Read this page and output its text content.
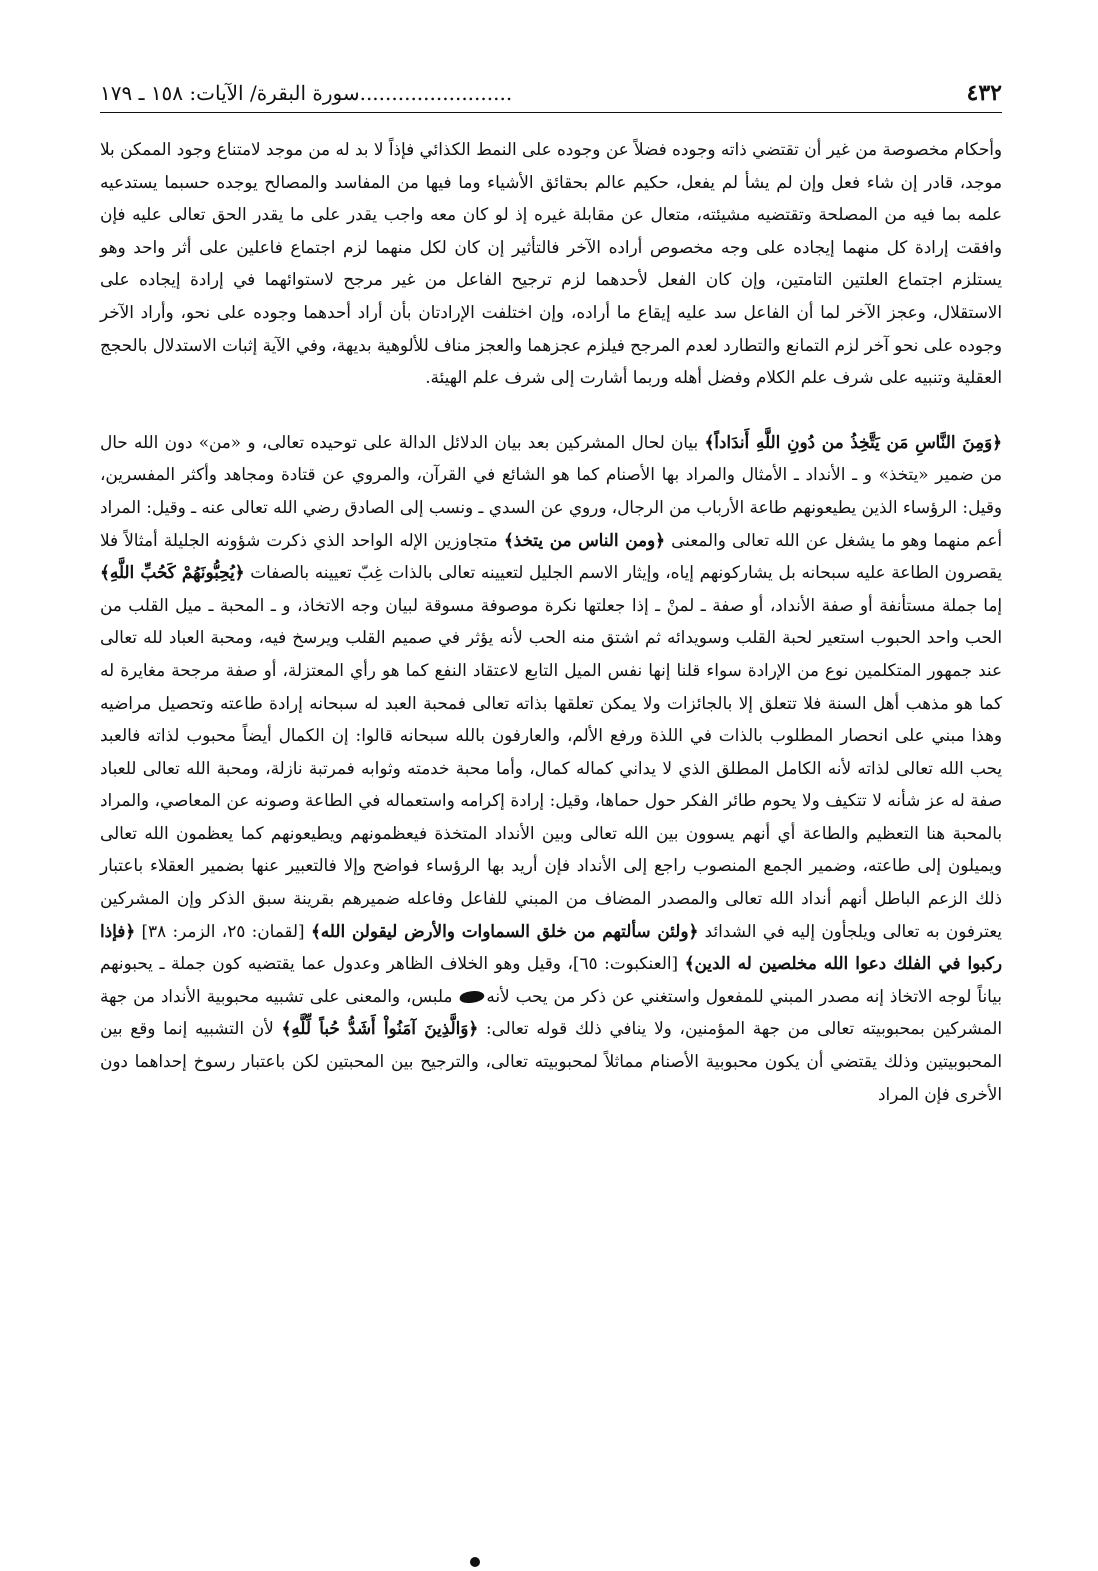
٤٣٢
........................سورة البقرة/ الآيات: ١٥٨ ـ ١٧٩

وأحكام مخصوصة من غير أن تقتضي ذاته وجوده فضلاً عن وجوده على النمط الكذائي فإذاً لا بد له من موجد لامتناع وجود الممكن بلا موجد، قادر إن شاء فعل وإن لم يشأ لم يفعل، حكيم عالم بحقائق الأشياء وما فيها من المفاسد والمصالح يوجده حسبما يستدعيه علمه بما فيه من المصلحة وتقتضيه مشيئته، متعال عن مقابلة غيره إذ لو كان معه واجب يقدر على ما يقدر الحق تعالى عليه فإن وافقت إرادة كل منهما إيجاده على وجه مخصوص أراده الآخر فالتأثير إن كان لكل منهما لزم اجتماع فاعلين على أثر واحد وهو يستلزم اجتماع العلتين التامتين، وإن كان الفعل لأحدهما لزم ترجيح الفاعل من غير مرجح لاستوائهما في إرادة إيجاده على الاستقلال، وعجز الآخر لما أن الفاعل سد عليه إيقاع ما أراده، وإن اختلفت الإرادتان بأن أراد أحدهما وجوده على نحو، وأراد الآخر وجوده على نحو آخر لزم التمانع والتطارد لعدم المرجح فيلزم عجزهما والعجز مناف للألوهية بديهة، وفي الآية إثبات الاستدلال بالحجج العقلية وتنبيه على شرف علم الكلام وفضل أهله وربما أشارت إلى شرف علم الهيئة.

﴿وَمِنَ النَّاسِ مَن يَتَّخِذُ من دُونِ اللَّهِ أَندَاداً﴾ بيان لحال المشركين بعد بيان الدلائل الدالة على توحيده تعالى، و «من» دون الله حال من ضمير «يتخذ» و ـ الأنداد ـ الأمثال والمراد بها الأصنام كما هو الشائع في القرآن، والمروي عن قتادة ومجاهد وأكثر المفسرين، وقيل: الرؤساء الذين يطيعونهم طاعة الأرباب من الرجال، وروي عن السدي ـ ونسب إلى الصادق رضي الله تعالى عنه ـ وقيل: المراد أعم منهما وهو ما يشغل عن الله تعالى والمعنى ﴿ومن الناس من يتخذ﴾ متجاوزين الإله الواحد الذي ذكرت شؤونه الجليلة أمثالاً فلا يقصرون الطاعة عليه سبحانه بل يشاركونهم إياه، وإيثار الاسم الجليل لتعيينه تعالى بالذات غِبّ تعيينه بالصفات ﴿يُحِبُّونَهُمْ كَحُبِّ اللَّهِ﴾ إما جملة مستأنفة أو صفة الأنداد، أو صفة ـ لمنْ ـ إذا جعلتها نكرة موصوفة مسوقة لبيان وجه الاتخاذ، و ـ المحبة ـ ميل القلب من الحب واحد الحبوب استعير لحبة القلب وسويدائه ثم اشتق منه الحب لأنه يؤثر في صميم القلب ويرسخ فيه، ومحبة العباد لله تعالى عند جمهور المتكلمين نوع من الإرادة سواء قلنا إنها نفس الميل التابع لاعتقاد النفع كما هو رأي المعتزلة، أو صفة مرجحة مغايرة له كما هو مذهب أهل السنة فلا تتعلق إلا بالجائزات ولا يمكن تعلقها بذاته تعالى فمحبة العبد له سبحانه إرادة طاعته وتحصيل مراضيه وهذا مبني على انحصار المطلوب بالذات في اللذة ورفع الألم، والعارفون بالله سبحانه قالوا: إن الكمال أيضاً محبوب لذاته فالعبد يحب الله تعالى لذاته لأنه الكامل المطلق الذي لا يداني كماله كمال، وأما محبة خدمته وثوابه فمرتبة نازلة، ومحبة الله تعالى للعباد صفة له عز شأنه لا تتكيف ولا يحوم طائر الفكر حول حماها، وقيل: إرادة إكرامه واستعماله في الطاعة وصونه عن المعاصي، والمراد بالمحبة هنا التعظيم والطاعة أي أنهم يسوون بين الله تعالى وبين الأنداد المتخذة فيعظمونهم ويطيعونهم كما يعظمون الله تعالى ويميلون إلى طاعته، وضمير الجمع المنصوب راجع إلى الأنداد فإن أريد بها الرؤساء فواضح وإلا فالتعبير عنها بضمير العقلاء باعتبار ذلك الزعم الباطل أنهم أنداد الله تعالى والمصدر المضاف من المبني للفاعل وفاعله ضميرهم بقرينة سبق الذكر وإن المشركين يعترفون به تعالى ويلجأون إليه في الشدائد ﴿ولئن سألتهم من خلق السماوات والأرض ليقولن الله﴾ [لقمان: ٢٥، الزمر: ٣٨] ﴿فإذا ركبوا في الفلك دعوا الله مخلصين له الدين﴾ [العنكبوت: ٦٥]، وقيل وهو الخلاف الظاهر وعدول عما يقتضيه كون جملة ـ يحبونهم بياناً لوجه الاتخاذ إنه مصدر المبني للمفعول واستغني عن ذكر من يحب لأنه ملبس، والمعنى على تشبيه محبوبية الأنداد من جهة المشركين بمحبوبيته تعالى من جهة المؤمنين، ولا ينافي ذلك قوله تعالى: ﴿وَالَّذِينَ آمَنُواْ أَشَدُّ حُباً لِّلَّهِ﴾ لأن التشبيه إنما وقع بين المحبوبيتين وذلك يقتضي أن يكون محبوبية الأصنام مماثلاً لمحبوبيته تعالى، والترجيح بين المحبتين لكن باعتبار رسوخ إحداهما دون الأخرى فإن المراد
